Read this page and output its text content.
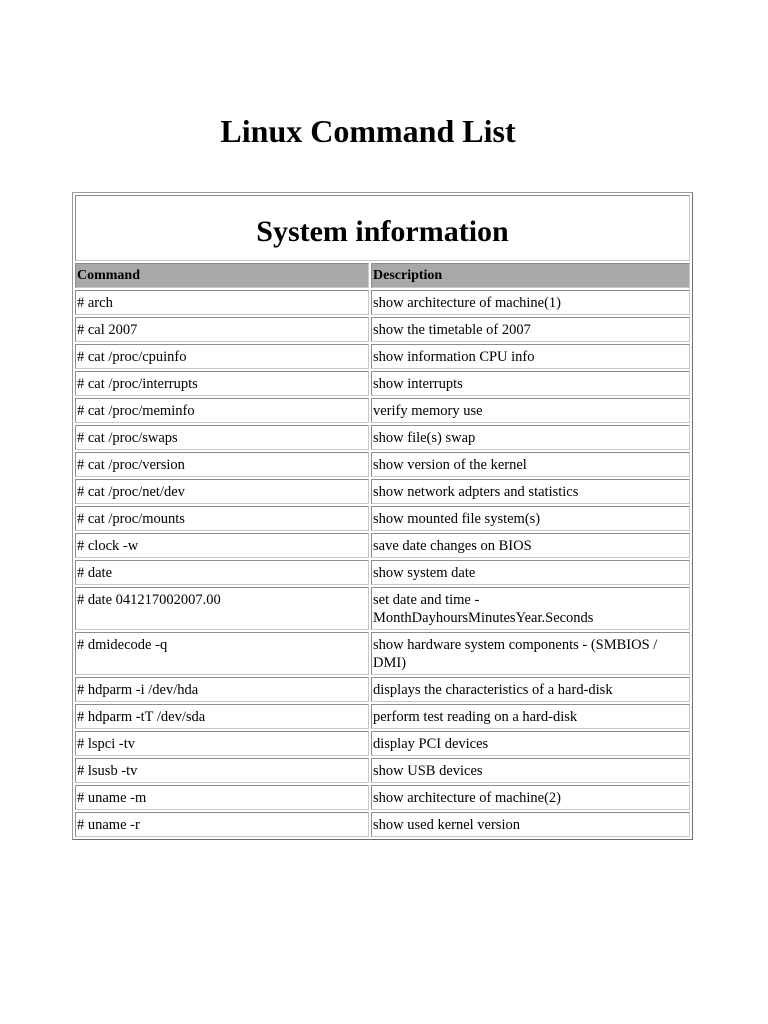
Linux Command List
System information	
Command	Description
# arch	show architecture of machine(1)
# cal 2007	show the timetable of 2007
# cat /proc/cpuinfo	show information CPU info
# cat /proc/interrupts	show interrupts
# cat /proc/meminfo	verify memory use
# cat /proc/swaps	show file(s) swap
# cat /proc/version	show version of the kernel
# cat /proc/net/dev	show network adpters and statistics
# cat /proc/mounts	show mounted file system(s)
# clock -w	save date changes on BIOS
# date	show system date
# date 041217002007.00	set date and time - MonthDayhoursMinutesYear.Seconds
# dmidecode -q	show hardware system components - (SMBIOS / DMI)
# hdparm -i /dev/hda	displays the characteristics of a hard-disk
# hdparm -tT /dev/sda	perform test reading on a hard-disk
# lspci -tv	display PCI devices
# lsusb -tv	show USB devices
# uname -m	show architecture of machine(2)
# uname -r	show used kernel version
